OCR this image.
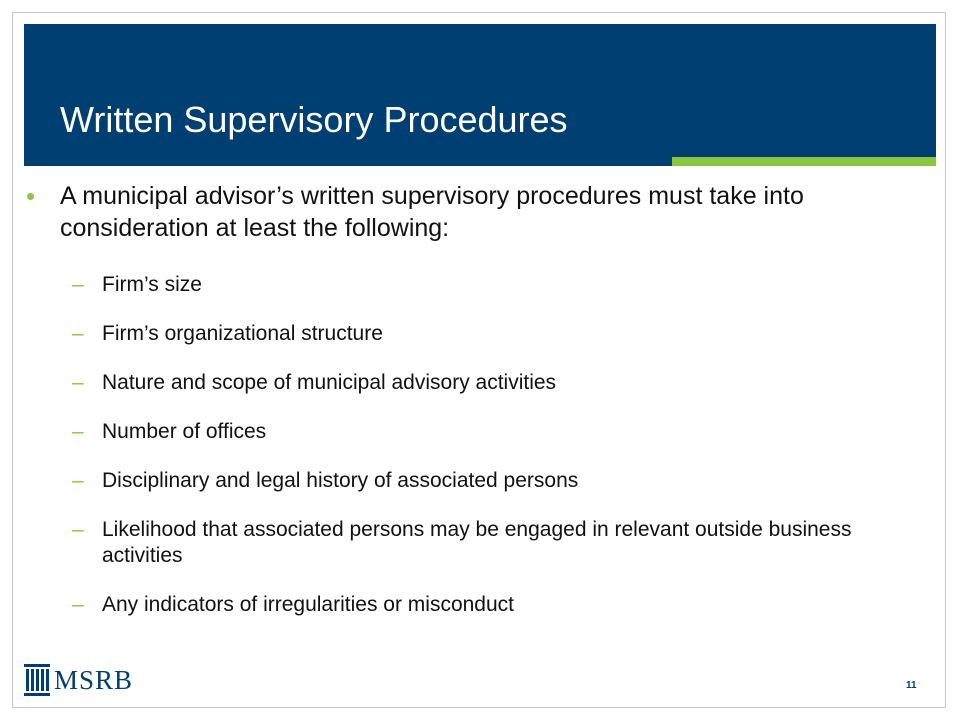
Written Supervisory Procedures
• A municipal advisor’s written supervisory procedures must take into consideration at least the following:
– Firm’s size
– Firm’s organizational structure
– Nature and scope of municipal advisory activities
– Number of offices
– Disciplinary and legal history of associated persons
– Likelihood that associated persons may be engaged in relevant outside business activities
– Any indicators of irregularities or misconduct
MSRB	11
